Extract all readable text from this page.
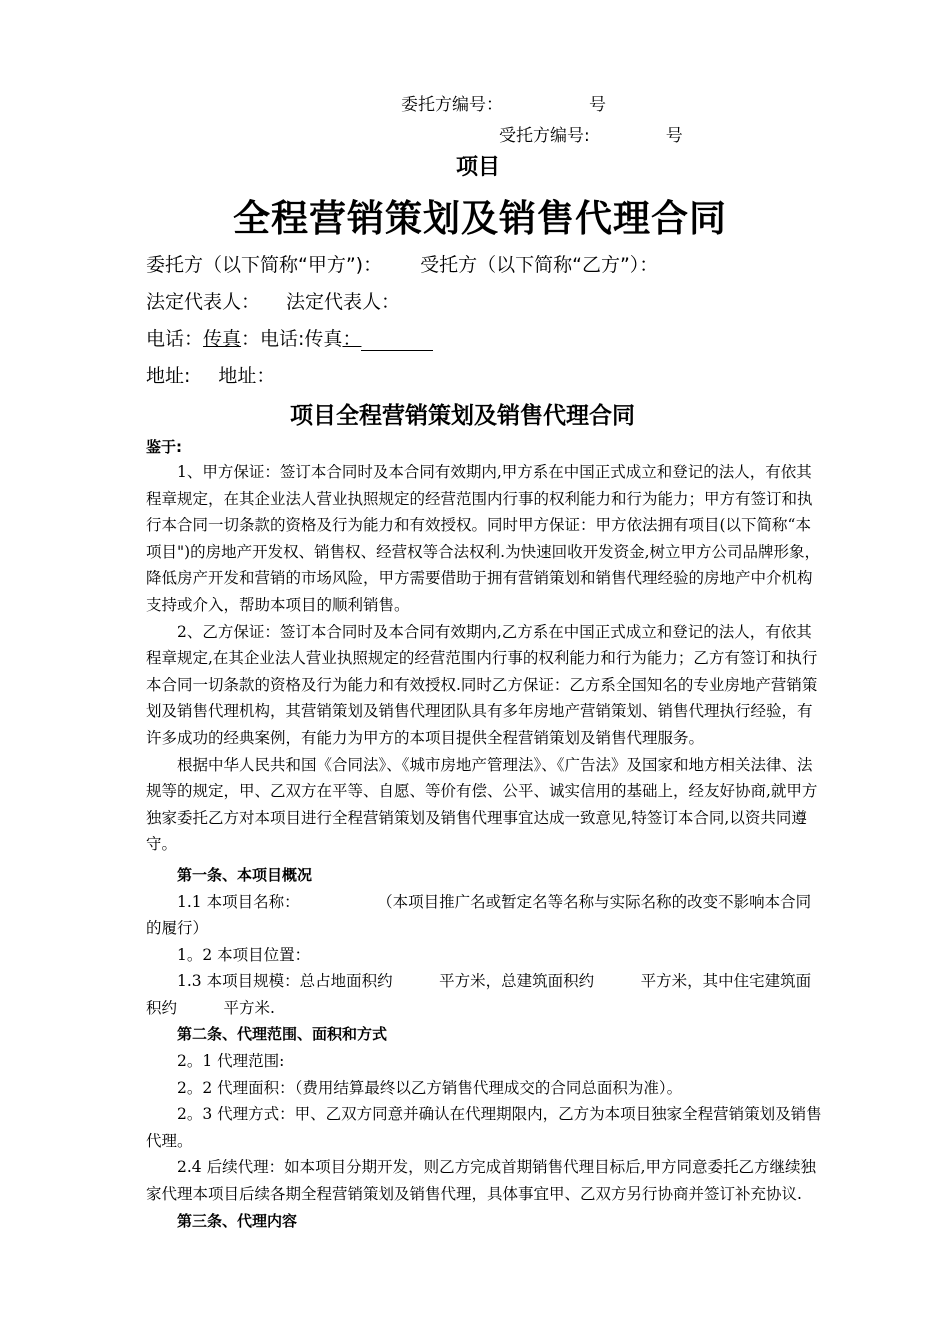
委托方编号：	号
受托方编号:	号
项目
全程营销策划及销售代理合同
委托方（以下简称“甲方”)： 受托方（以下简称“乙方”）：
法定代表人： 法定代表人：
电话：传真：电话:传真：
地址: 地址：
项目全程营销策划及销售代理合同
鉴于:

1、甲方保证：签订本合同时及本合同有效期内,甲方系在中国正式成立和登记的法人，有依其程章规定，在其企业法人营业执照规定的经营范围内行事的权利能力和行为能力；甲方有签订和执行本合同一切条款的资格及行为能力和有效授权。同时甲方保证：甲方依法拥有项目(以下简称“本项目")的房地产开发权、销售权、经营权等合法权利.为快速回收开发资金,树立甲方公司品牌形象，降低房产开发和营销的市场风险，甲方需要借助于拥有营销策划和销售代理经验的房地产中介机构支持或介入，帮助本项目的顺利销售。

2、乙方保证：签订本合同时及本合同有效期内,乙方系在中国正式成立和登记的法人，有依其程章规定,在其企业法人营业执照规定的经营范围内行事的权利能力和行为能力；乙方有签订和执行本合同一切条款的资格及行为能力和有效授权.同时乙方保证：乙方系全国知名的专业房地产营销策划及销售代理机构，其营销策划及销售代理团队具有多年房地产营销策划、销售代理执行经验，有许多成功的经典案例，有能力为甲方的本项目提供全程营销策划及销售代理服务。

根据中华人民共和国《合同法》、《城市房地产管理法》、《广告法》及国家和地方相关法律、法规等的规定，甲、乙双方在平等、自愿、等价有偿、公平、诚实信用的基础上，经友好协商,就甲方独家委托乙方对本项目进行全程营销策划及销售代理事宜达成一致意见,特签订本合同,以资共同遵守。

第一条、本项目概况

1.1 本项目名称：　　　　　　（本项目推广名或暂定名等名称与实际名称的改变不影响本合同的履行）

1。2 本项目位置：

1.3 本项目规模：总占地面积约　　　平方米，总建筑面积约　　　平方米，其中住宅建筑面积约　　　平方米.

第二条、代理范围、面积和方式

2。1 代理范围:

2。2 代理面积：（费用结算最终以乙方销售代理成交的合同总面积为准）。

2。3 代理方式：甲、乙双方同意并确认在代理期限内，乙方为本项目独家全程营销策划及销售代理。

2.4 后续代理：如本项目分期开发，则乙方完成首期销售代理目标后,甲方同意委托乙方继续独家代理本项目后续各期全程营销策划及销售代理，具体事宜甲、乙双方另行协商并签订补充协议.

第三条、代理内容
